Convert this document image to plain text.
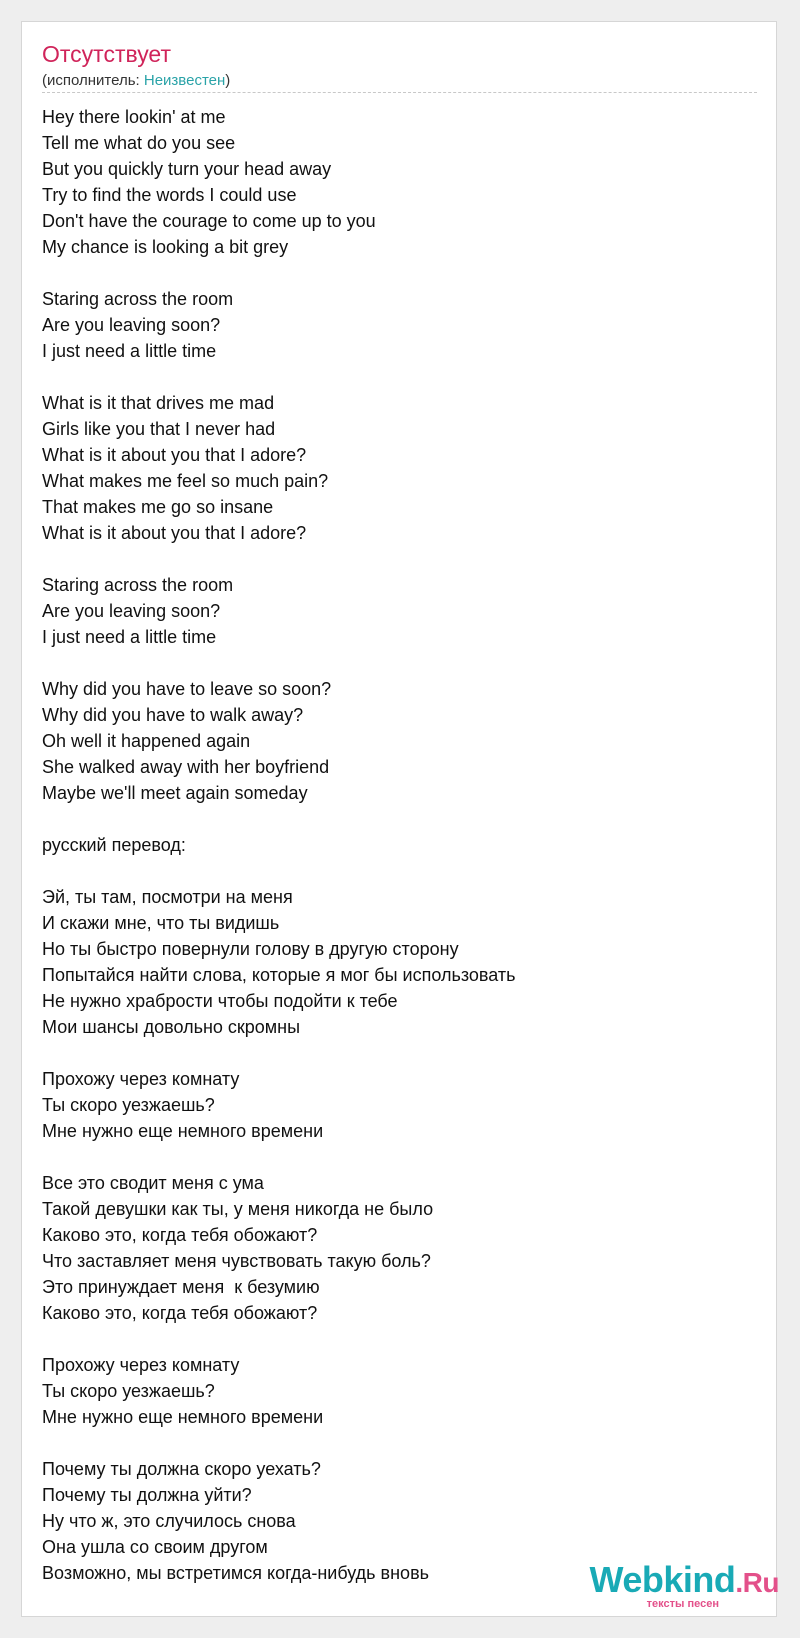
Отсутствует
(исполнитель: Неизвестен)
Hey there lookin' at me
Tell me what do you see
But you quickly turn your head away
Try to find the words I could use
Don't have the courage to come up to you
My chance is looking a bit grey
Staring across the room
Are you leaving soon?
I just need a little time
What is it that drives me mad
Girls like you that I never had
What is it about you that I adore?
What makes me feel so much pain?
That makes me go so insane
What is it about you that I adore?
Staring across the room
Are you leaving soon?
I just need a little time
Why did you have to leave so soon?
Why did you have to walk away?
Oh well it happened again
She walked away with her boyfriend
Maybe we'll meet again someday
русский перевод:
Эй, ты там, посмотри на меня
И скажи мне, что ты видишь
Но ты быстро повернули голову в другую сторону
Попытайся найти слова, которые я мог бы использовать
Не нужно храбрости чтобы подойти к тебе
Мои шансы довольно скромны
Прохожу через комнату
Ты скоро уезжаешь?
Мне нужно еще немного времени
Все это сводит меня с ума
Такой девушки как ты, у меня никогда не было
Каково это, когда тебя обожают?
Что заставляет меня чувствовать такую боль?
Это принуждает меня  к безумию
Каково это, когда тебя обожают?
Прохожу через комнату
Ты скоро уезжаешь?
Мне нужно еще немного времени
Почему ты должна скоро уехать?
Почему ты должна уйти?
Ну что ж, это случилось снова
Она ушла со своим другом
Возможно, мы встретимся когда-нибудь вновь	Webkind.Ru
тексты песен
